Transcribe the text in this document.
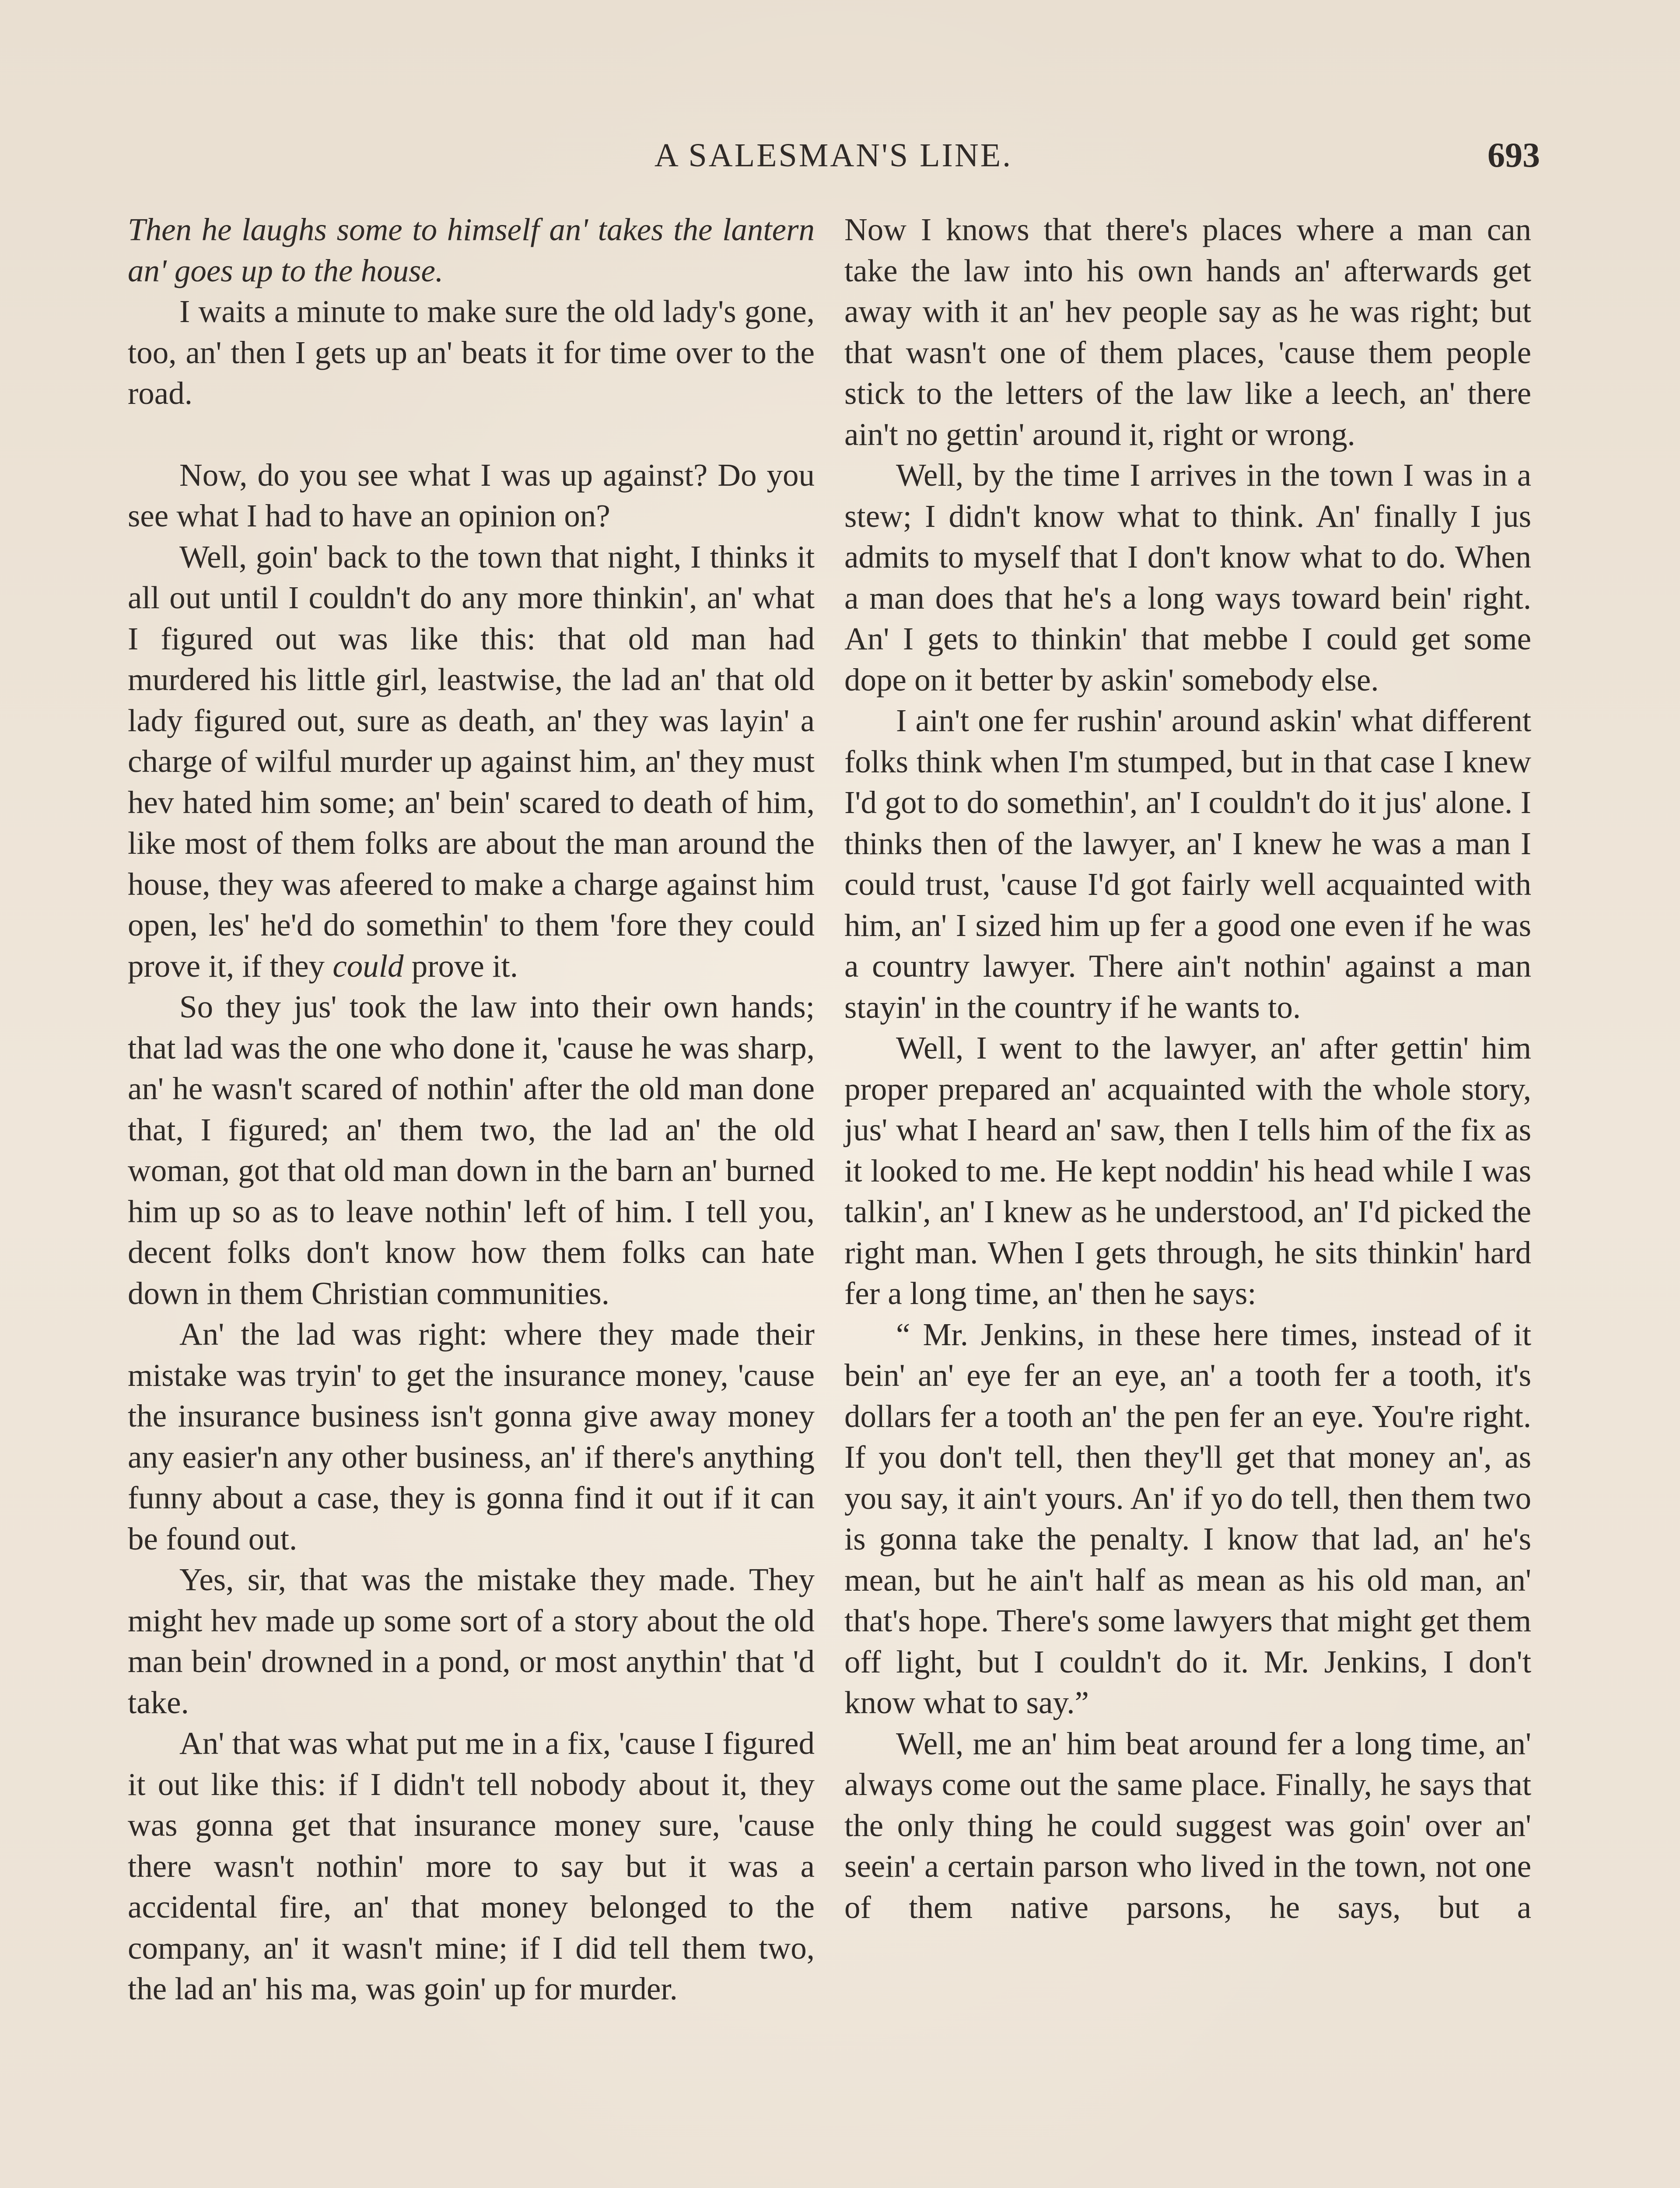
A SALESMAN'S LINE.	693

Then he laughs some to himself an' takes the lantern an' goes up to the house.

I waits a minute to make sure the old lady's gone, too, an' then I gets up an' beats it for time over to the road.

Now, do you see what I was up against? Do you see what I had to have an opinion on?

Well, goin' back to the town that night, I thinks it all out until I couldn't do any more thinkin', an' what I figured out was like this: that old man had murdered his little girl, leastwise, the lad an' that old lady figured out, sure as death, an' they was layin' a charge of wilful murder up against him, an' they must hev hated him some; an' bein' scared to death of him, like most of them folks are about the man around the house, they was afeered to make a charge against him open, les' he'd do somethin' to them 'fore they could prove it, if they could prove it.

So they jus' took the law into their own hands; that lad was the one who done it, 'cause he was sharp, an' he wasn't scared of nothin' after the old man done that, I figured; an' them two, the lad an' the old woman, got that old man down in the barn an' burned him up so as to leave nothin' left of him. I tell you, decent folks don't know how them folks can hate down in them Christian communities.

An' the lad was right: where they made their mistake was tryin' to get the insurance money, 'cause the insurance business isn't gonna give away money any easier'n any other business, an' if there's anything funny about a case, they is gonna find it out if it can be found out.

Yes, sir, that was the mistake they made. They might hev made up some sort of a story about the old man bein' drowned in a pond, or most anythin' that 'd take.

An' that was what put me in a fix, 'cause I figured it out like this: if I didn't tell nobody about it, they was gonna get that insurance money sure, 'cause there wasn't nothin' more to say but it was a accidental fire, an' that money belonged to the company, an' it wasn't mine; if I did tell them two, the lad an' his ma, was goin' up for murder.

Now I knows that there's places where a man can take the law into his own hands an' afterwards get away with it an' hev people say as he was right; but that wasn't one of them places, 'cause them people stick to the letters of the law like a leech, an' there ain't no gettin' around it, right or wrong.

Well, by the time I arrives in the town I was in a stew; I didn't know what to think. An' finally I jus admits to myself that I don't know what to do. When a man does that he's a long ways toward bein' right. An' I gets to thinkin' that mebbe I could get some dope on it better by askin' somebody else.

I ain't one fer rushin' around askin' what different folks think when I'm stumped, but in that case I knew I'd got to do somethin', an' I couldn't do it jus' alone. I thinks then of the lawyer, an' I knew he was a man I could trust, 'cause I'd got fairly well acquainted with him, an' I sized him up fer a good one even if he was a country lawyer. There ain't nothin' against a man stayin' in the country if he wants to.

Well, I went to the lawyer, an' after gettin' him proper prepared an' acquainted with the whole story, jus' what I heard an' saw, then I tells him of the fix as it looked to me. He kept noddin' his head while I was talkin', an' I knew as he understood, an' I'd picked the right man. When I gets through, he sits thinkin' hard fer a long time, an' then he says:

“ Mr. Jenkins, in these here times, instead of it bein' an' eye fer an eye, an' a tooth fer a tooth, it's dollars fer a tooth an' the pen fer an eye. You're right. If you don't tell, then they'll get that money an', as you say, it ain't yours. An' if yo do tell, then them two is gonna take the penalty. I know that lad, an' he's mean, but he ain't half as mean as his old man, an' that's hope. There's some lawyers that might get them off light, but I couldn't do it. Mr. Jenkins, I don't know what to say.”

Well, me an' him beat around fer a long time, an' always come out the same place. Finally, he says that the only thing he could suggest was goin' over an' seein' a certain parson who lived in the town, not one of them native parsons, he says, but a
